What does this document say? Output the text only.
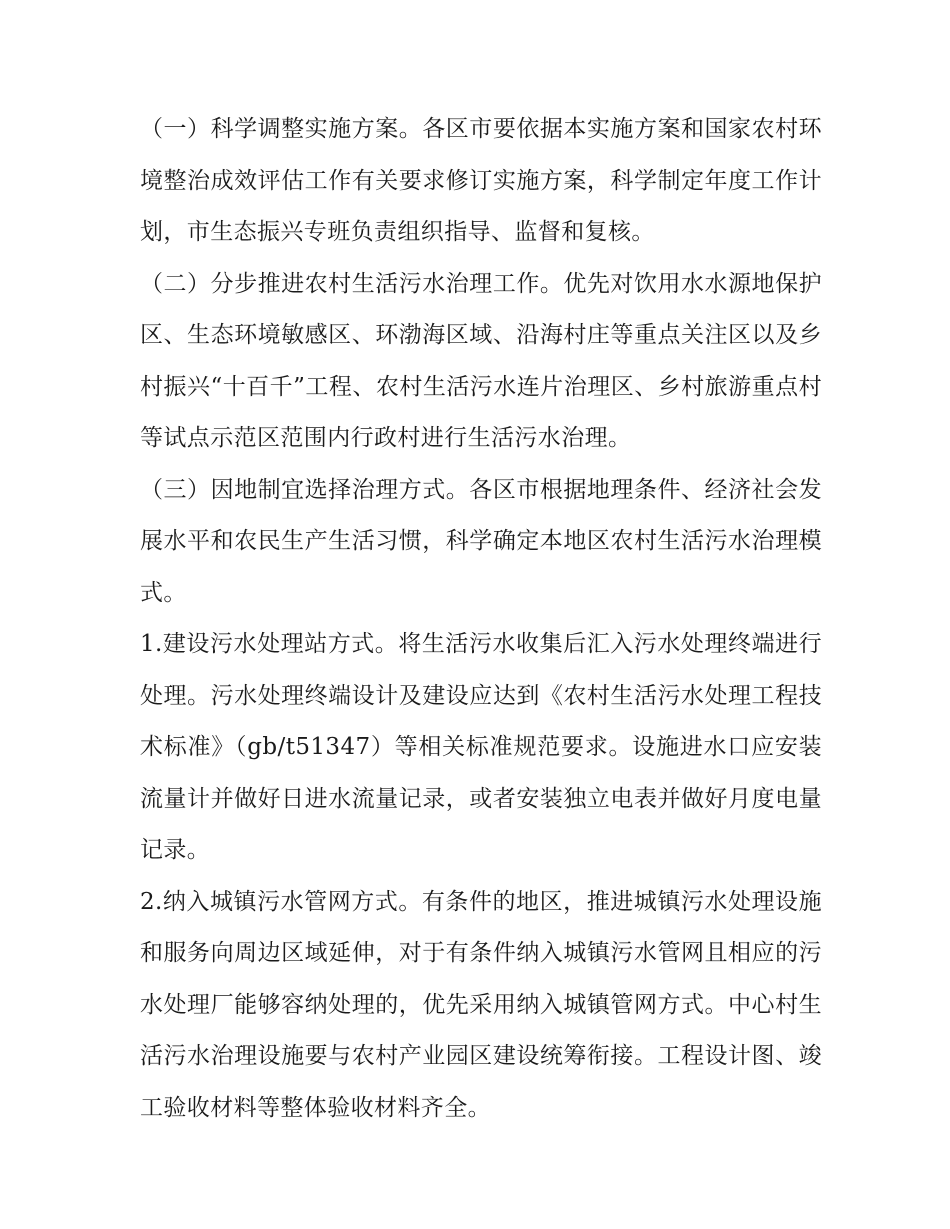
（一）科学调整实施方案。各区市要依据本实施方案和国家农村环境整治成效评估工作有关要求修订实施方案，科学制定年度工作计划，市生态振兴专班负责组织指导、监督和复核。

（二）分步推进农村生活污水治理工作。优先对饮用水水源地保护区、生态环境敏感区、环渤海区域、沿海村庄等重点关注区以及乡村振兴“十百千”工程、农村生活污水连片治理区、乡村旅游重点村等试点示范区范围内行政村进行生活污水治理。

（三）因地制宜选择治理方式。各区市根据地理条件、经济社会发展水平和农民生产生活习惯，科学确定本地区农村生活污水治理模式。

1.建设污水处理站方式。将生活污水收集后汇入污水处理终端进行处理。污水处理终端设计及建设应达到《农村生活污水处理工程技术标准》（gb/t51347）等相关标准规范要求。设施进水口应安装流量计并做好日进水流量记录，或者安装独立电表并做好月度电量记录。

2.纳入城镇污水管网方式。有条件的地区，推进城镇污水处理设施和服务向周边区域延伸，对于有条件纳入城镇污水管网且相应的污水处理厂能够容纳处理的，优先采用纳入城镇管网方式。中心村生活污水治理设施要与农村产业园区建设统筹衔接。工程设计图、竣工验收材料等整体验收材料齐全。
